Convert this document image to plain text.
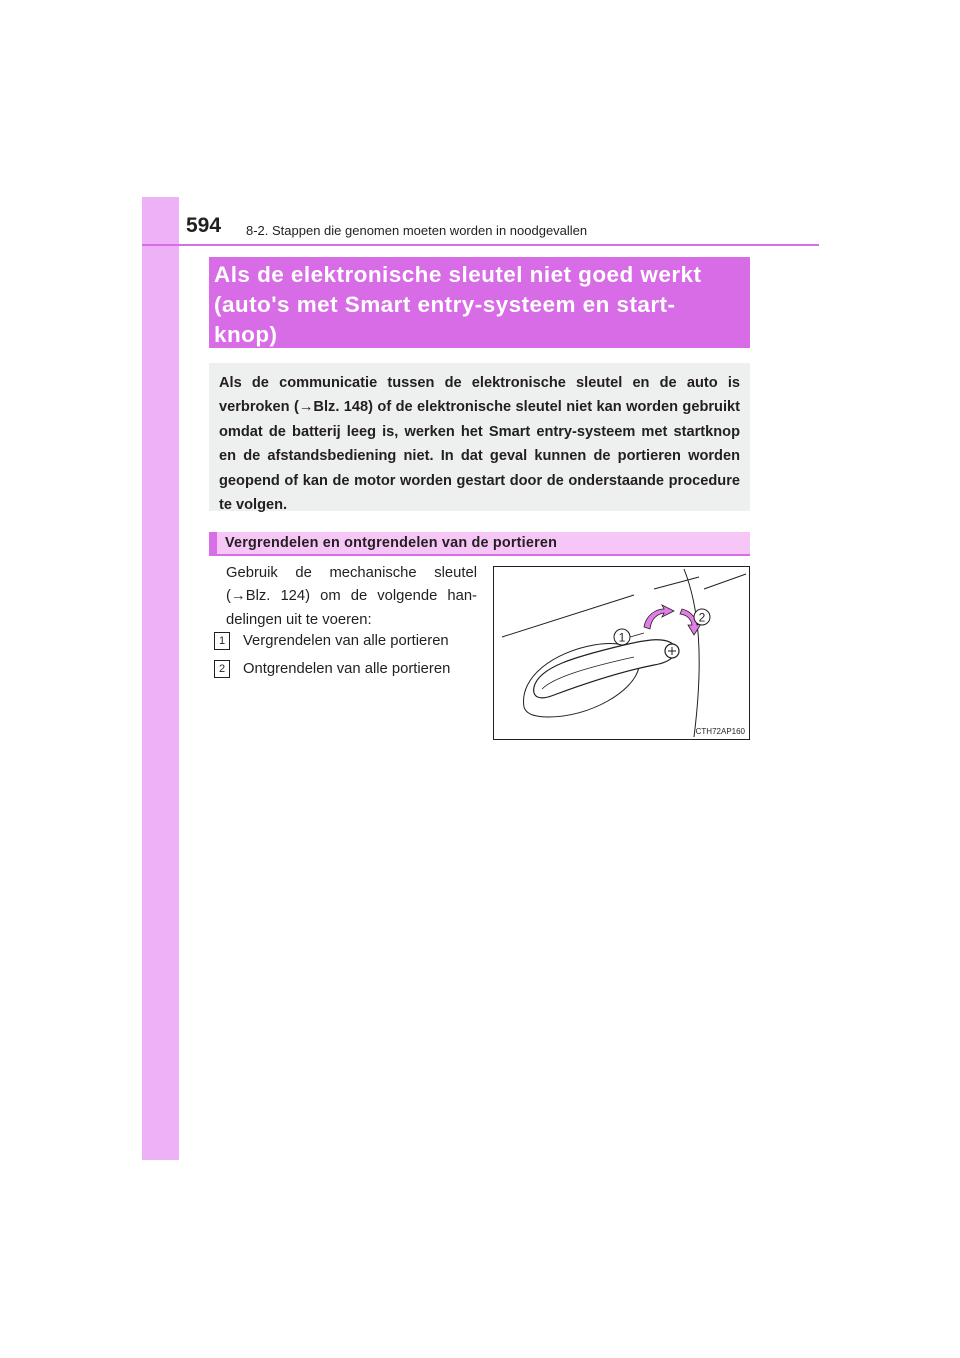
594 8-2. Stappen die genomen moeten worden in noodgevallen
Als de elektronische sleutel niet goed werkt
(auto's met Smart entry-systeem en start-
knop)

Als de communicatie tussen de elektronische sleutel en de auto is verbroken (→Blz. 148) of de elektronische sleutel niet kan worden gebruikt omdat de batterij leeg is, werken het Smart entry-systeem met startknop en de afstandsbediening niet. In dat geval kunnen de portieren worden geopend of kan de motor worden gestart door de onderstaande procedure te volgen.

Vergrendelen en ontgrendelen van de portieren

Gebruik de mechanische sleutel (→Blz. 124) om de volgende han-delingen uit te voeren:

1 Vergrendelen van alle portieren
2 Ontgrendelen van alle portieren
1
2
CTH72AP160
